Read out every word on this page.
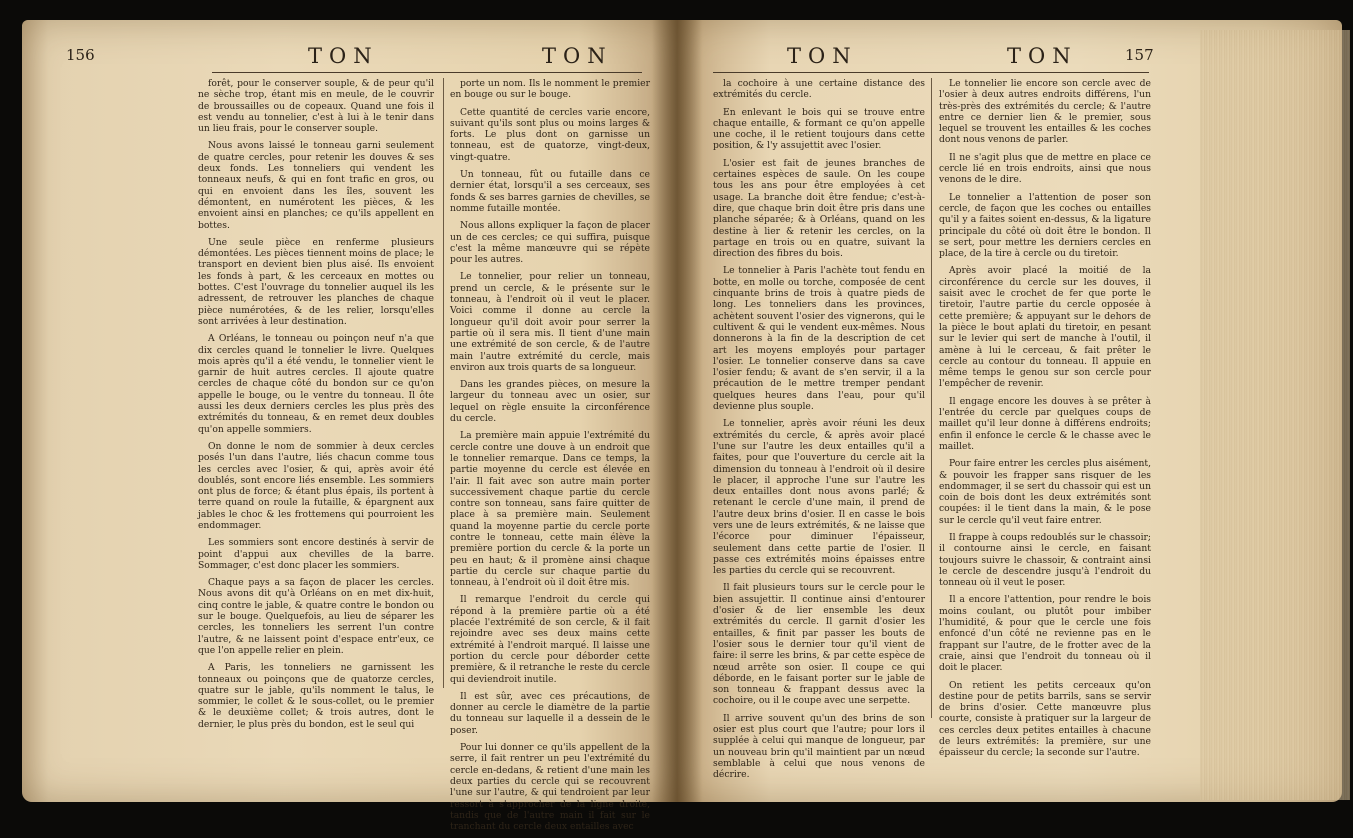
156	TON	TON

forêt, pour le conserver souple, & de peur qu'il ne sèche trop, étant mis en meule, de le couvrir de broussailles ou de copeaux. Quand une fois il est vendu au tonnelier, c'est à lui à le tenir dans un lieu frais, pour le conserver souple.

Nous avons laissé le tonneau garni seulement de quatre cercles, pour retenir les douves & ses deux fonds. Les tonneliers qui vendent les tonneaux neufs, & qui en font trafic en gros, ou qui en envoient dans les îles, souvent les démontent, en numérotent les pièces, & les envoient ainsi en planches; ce qu'ils appellent en bottes.

Une seule pièce en renferme plusieurs démontées. Les pièces tiennent moins de place; le transport en devient bien plus aisé. Ils envoient les fonds à part, & les cerceaux en mottes ou bottes. C'est l'ouvrage du tonnelier auquel ils les adressent, de retrouver les planches de chaque pièce numérotées, & de les relier, lorsqu'elles sont arrivées à leur destination.

A Orléans, le tonneau ou poinçon neuf n'a que dix cercles quand le tonnelier le livre. Quelques mois après qu'il a été vendu, le tonnelier vient le garnir de huit autres cercles. Il ajoute quatre cercles de chaque côté du bondon sur ce qu'on appelle le bouge, ou le ventre du tonneau. Il ôte aussi les deux derniers cercles les plus près des extrémités du tonneau, & en remet deux doubles qu'on appelle sommiers.

On donne le nom de sommier à deux cercles posés l'un dans l'autre, liés chacun comme tous les cercles avec l'osier, & qui, après avoir été doublés, sont encore liés ensemble. Les sommiers ont plus de force; & étant plus épais, ils portent à terre quand on roule la futaille, & épargnent aux jables le choc & les frottemens qui pourroient les endommager.

Les sommiers sont encore destinés à servir de point d'appui aux chevilles de la barre. Sommager, c'est donc placer les sommiers.

Chaque pays a sa façon de placer les cercles. Nous avons dit qu'à Orléans on en met dix-huit, cinq contre le jable, & quatre contre le bondon ou sur le bouge. Quelquefois, au lieu de séparer les cercles, les tonneliers les serrent l'un contre l'autre, & ne laissent point d'espace entr'eux, ce que l'on appelle relier en plein.

A Paris, les tonneliers ne garnissent les tonneaux ou poinçons que de quatorze cercles, quatre sur le jable, qu'ils nomment le talus, le sommier, le collet & le sous-collet, ou le premier & le deuxième collet; & trois autres, dont le dernier, le plus près du bondon, est le seul qui

porte un nom. Ils le nomment le premier en bouge ou sur le bouge.

Cette quantité de cercles varie encore, suivant qu'ils sont plus ou moins larges & forts. Le plus dont on garnisse un tonneau, est de quatorze, vingt-deux, vingt-quatre.

Un tonneau, fût ou futaille dans ce dernier état, lorsqu'il a ses cerceaux, ses fonds & ses barres garnies de chevilles, se nomme futaille montée.

Nous allons expliquer la façon de placer un de ces cercles; ce qui suffira, puisque c'est la même manœuvre qui se répète pour les autres.

Le tonnelier, pour relier un tonneau, prend un cercle, & le présente sur le tonneau, à l'endroit où il veut le placer. Voici comme il donne au cercle la longueur qu'il doit avoir pour serrer la partie où il sera mis. Il tient d'une main une extrémité de son cercle, & de l'autre main l'autre extrémité du cercle, mais environ aux trois quarts de sa longueur.

Dans les grandes pièces, on mesure la largeur du tonneau avec un osier, sur lequel on règle ensuite la circonférence du cercle.

La première main appuie l'extrémité du cercle contre une douve à un endroit que le tonnelier remarque. Dans ce temps, la partie moyenne du cercle est élevée en l'air. Il fait avec son autre main porter successivement chaque partie du cercle contre son tonneau, sans faire quitter de place à sa première main. Seulement quand la moyenne partie du cercle porte contre le tonneau, cette main élève la première portion du cercle & la porte un peu en haut; & il promène ainsi chaque partie du cercle sur chaque partie du tonneau, à l'endroit où il doit être mis.

Il remarque l'endroit du cercle qui répond à la première partie où a été placée l'extrémité de son cercle, & il fait rejoindre avec ses deux mains cette extrémité à l'endroit marqué. Il laisse une portion du cercle pour déborder cette première, & il retranche le reste du cercle qui deviendroit inutile.

Il est sûr, avec ces précautions, de donner au cercle le diamètre de la partie du tonneau sur laquelle il a dessein de le poser.

Pour lui donner ce qu'ils appellent de la serre, il fait rentrer un peu l'extrémité du cercle en-dedans, & retient d'une main les deux parties du cercle qui se recouvrent l'une sur l'autre, & qui tendroient par leur ressort à s'approcher de la ligne droite, tandis que de l'autre main il fait sur le tranchant du cercle deux entailles avec

TON	TON	157

la cochoire à une certaine distance des extrémités du cercle.

En enlevant le bois qui se trouve entre chaque entaille, & formant ce qu'on appelle une coche, il le retient toujours dans cette position, & l'y assujettit avec l'osier.

L'osier est fait de jeunes branches de certaines espèces de saule. On les coupe tous les ans pour être employées à cet usage. La branche doit être fendue; c'est-à-dire, que chaque brin doit être pris dans une planche séparée; & à Orléans, quand on les destine à lier & retenir les cercles, on la partage en trois ou en quatre, suivant la direction des fibres du bois.

Le tonnelier à Paris l'achète tout fendu en botte, en molle ou torche, composée de cent cinquante brins de trois à quatre pieds de long. Les tonneliers dans les provinces, achètent souvent l'osier des vignerons, qui le cultivent & qui le vendent eux-mêmes. Nous donnerons à la fin de la description de cet art les moyens employés pour partager l'osier. Le tonnelier conserve dans sa cave l'osier fendu; & avant de s'en servir, il a la précaution de le mettre tremper pendant quelques heures dans l'eau, pour qu'il devienne plus souple.

Le tonnelier, après avoir réuni les deux extrémités du cercle, & après avoir placé l'une sur l'autre les deux entailles qu'il a faites, pour que l'ouverture du cercle ait la dimension du tonneau à l'endroit où il desire le placer, il approche l'une sur l'autre les deux entailles dont nous avons parlé; & retenant le cercle d'une main, il prend de l'autre deux brins d'osier. Il en casse le bois vers une de leurs extrémités, & ne laisse que l'écorce pour diminuer l'épaisseur, seulement dans cette partie de l'osier. Il passe ces extrémités moins épaisses entre les parties du cercle qui se recouvrent.

Il fait plusieurs tours sur le cercle pour le bien assujettir. Il continue ainsi d'entourer d'osier & de lier ensemble les deux extrémités du cercle. Il garnit d'osier les entailles, & finit par passer les bouts de l'osier sous le dernier tour qu'il vient de faire: il serre les brins, & par cette espèce de nœud arrête son osier. Il coupe ce qui déborde, en le faisant porter sur le jable de son tonneau & frappant dessus avec la cochoire, ou il le coupe avec une serpette.

Il arrive souvent qu'un des brins de son osier est plus court que l'autre; pour lors il supplée à celui qui manque de longueur, par un nouveau brin qu'il maintient par un nœud semblable à celui que nous venons de décrire.

Le tonnelier lie encore son cercle avec de l'osier à deux autres endroits différens, l'un très-près des extrémités du cercle; & l'autre entre ce dernier lien & le premier, sous lequel se trouvent les entailles & les coches dont nous venons de parler.

Il ne s'agit plus que de mettre en place ce cercle lié en trois endroits, ainsi que nous venons de le dire.

Le tonnelier a l'attention de poser son cercle, de façon que les coches ou entailles qu'il y a faites soient en-dessus, & la ligature principale du côté où doit être le bondon. Il se sert, pour mettre les derniers cercles en place, de la tire à cercle ou du tiretoir.

Après avoir placé la moitié de la circonférence du cercle sur les douves, il saisit avec le crochet de fer que porte le tiretoir, l'autre partie du cercle opposée à cette première; & appuyant sur le dehors de la pièce le bout aplati du tiretoir, en pesant sur le levier qui sert de manche à l'outil, il amène à lui le cerceau, & fait prêter le cercle au contour du tonneau. Il appuie en même temps le genou sur son cercle pour l'empêcher de revenir.

Il engage encore les douves à se prêter à l'entrée du cercle par quelques coups de maillet qu'il leur donne à différens endroits; enfin il enfonce le cercle & le chasse avec le maillet.

Pour faire entrer les cercles plus aisément, & pouvoir les frapper sans risquer de les endommager, il se sert du chassoir qui est un coin de bois dont les deux extrémités sont coupées: il le tient dans la main, & le pose sur le cercle qu'il veut faire entrer.

Il frappe à coups redoublés sur le chassoir; il contourne ainsi le cercle, en faisant toujours suivre le chassoir, & contraint ainsi le cercle de descendre jusqu'à l'endroit du tonneau où il veut le poser.

Il a encore l'attention, pour rendre le bois moins coulant, ou plutôt pour imbiber l'humidité, & pour que le cercle une fois enfoncé d'un côté ne revienne pas en le frappant sur l'autre, de le frotter avec de la craie, ainsi que l'endroit du tonneau où il doit le placer.

On retient les petits cerceaux qu'on destine pour de petits barrils, sans se servir de brins d'osier. Cette manœuvre plus courte, consiste à pratiquer sur la largeur de ces cercles deux petites entailles à chacune de leurs extrémités: la première, sur une épaisseur du cercle; la seconde sur l'autre.
